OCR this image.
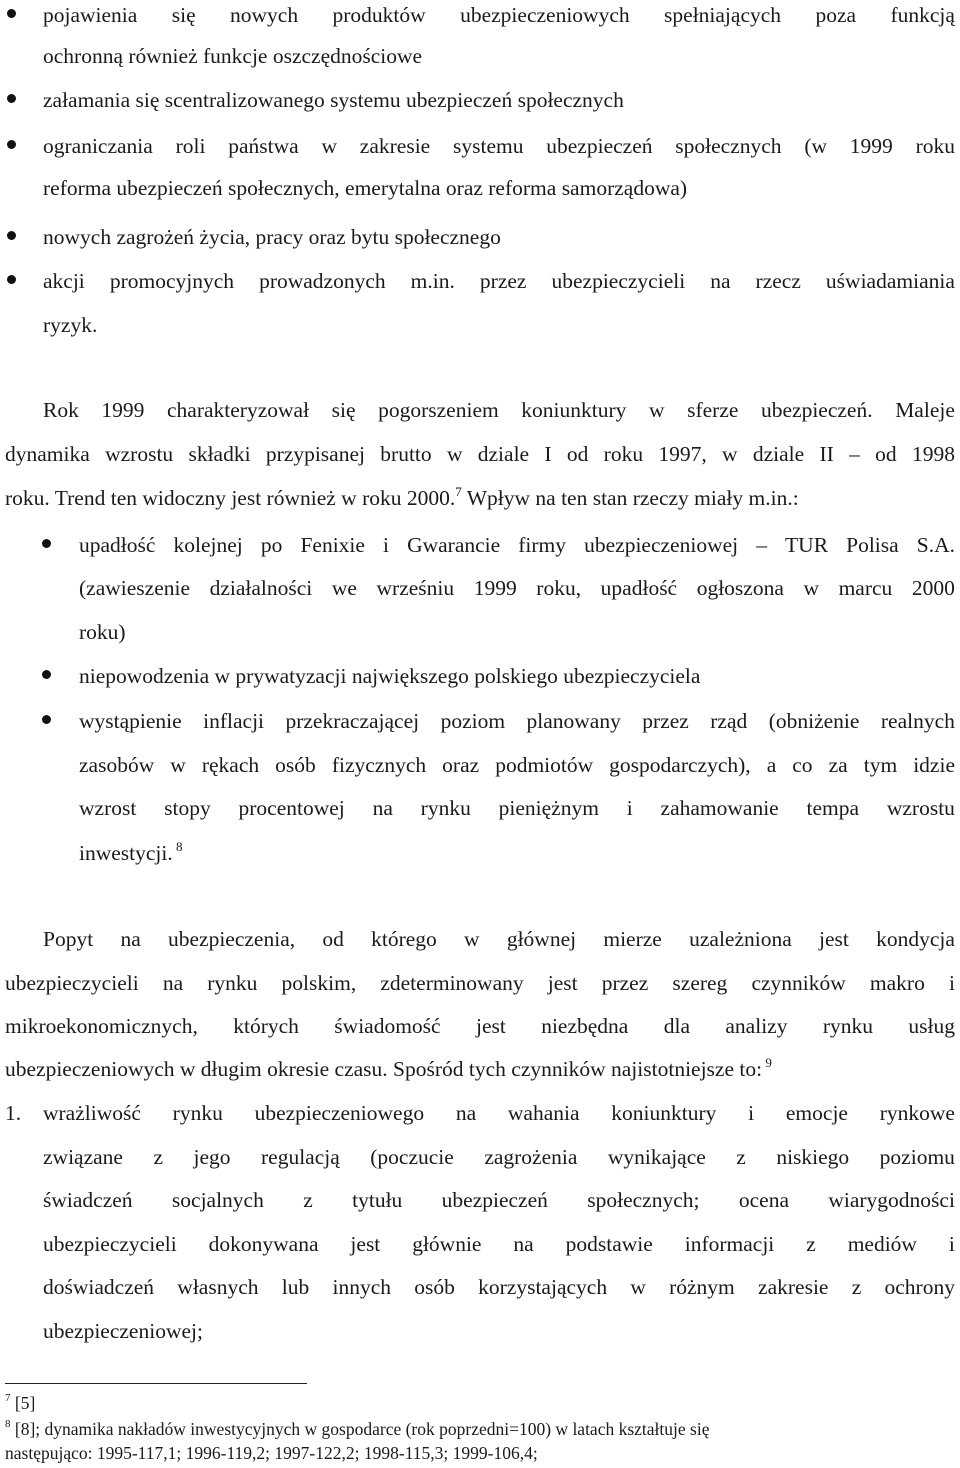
pojawienia się nowych produktów ubezpieczeniowych spełniających poza funkcją
ochronną również funkcje oszczędnościowe
załamania się scentralizowanego systemu ubezpieczeń społecznych
ograniczania roli państwa w zakresie systemu ubezpieczeń społecznych (w 1999 roku
reforma ubezpieczeń społecznych, emerytalna oraz reforma samorządowa)
nowych zagrożeń życia, pracy oraz bytu społecznego
akcji promocyjnych prowadzonych m.in. przez ubezpieczycieli na rzecz uświadamiania
ryzyk.
Rok 1999 charakteryzował się pogorszeniem koniunktury w sferze ubezpieczeń. Maleje
dynamika wzrostu składki przypisanej brutto w dziale I od roku 1997, w dziale II – od 1998
roku. Trend ten widoczny jest również w roku 2000.$^7$ Wpływ na ten stan rzeczy miały m.in.:
upadłość kolejnej po Fenixie i Gwarancie firmy ubezpieczeniowej – TUR Polisa S.A.
(zawieszenie działalności we wrześniu 1999 roku, upadłość ogłoszona w marcu 2000
roku)
niepowodzenia w prywatyzacji największego polskiego ubezpieczyciela
wystąpienie inflacji przekraczającej poziom planowany przez rząd (obniżenie realnych
zasobów w rękach osób fizycznych oraz podmiotów gospodarczych), a co za tym idzie
wzrost stopy procentowej na rynku pieniężnym i zahamowanie tempa wzrostu
inwestycji. $^8$
Popyt na ubezpieczenia, od którego w głównej mierze uzależniona jest kondycja
ubezpieczycieli na rynku polskim, zdeterminowany jest przez szereg czynników makro i
mikroekonomicznych, których świadomość jest niezbędna dla analizy rynku usług
ubezpieczeniowych w długim okresie czasu. Spośród tych czynników najistotniejsze to: $^9$
1. wrażliwość rynku ubezpieczeniowego na wahania koniunktury i emocje rynkowe
związane z jego regulacją (poczucie zagrożenia wynikające z niskiego poziomu
świadczeń socjalnych z tytułu ubezpieczeń społecznych; ocena wiarygodności
ubezpieczycieli dokonywana jest głównie na podstawie informacji z mediów i
doświadczeń własnych lub innych osób korzystających w różnym zakresie z ochrony
ubezpieczeniowej;
$^7$ [5]
$^8$ [8]; dynamika nakładów inwestycyjnych w gospodarce (rok poprzedni=100) w latach kształtuje się
następująco: 1995-117,1; 1996-119,2; 1997-122,2; 1998-115,3; 1999-106,4;
